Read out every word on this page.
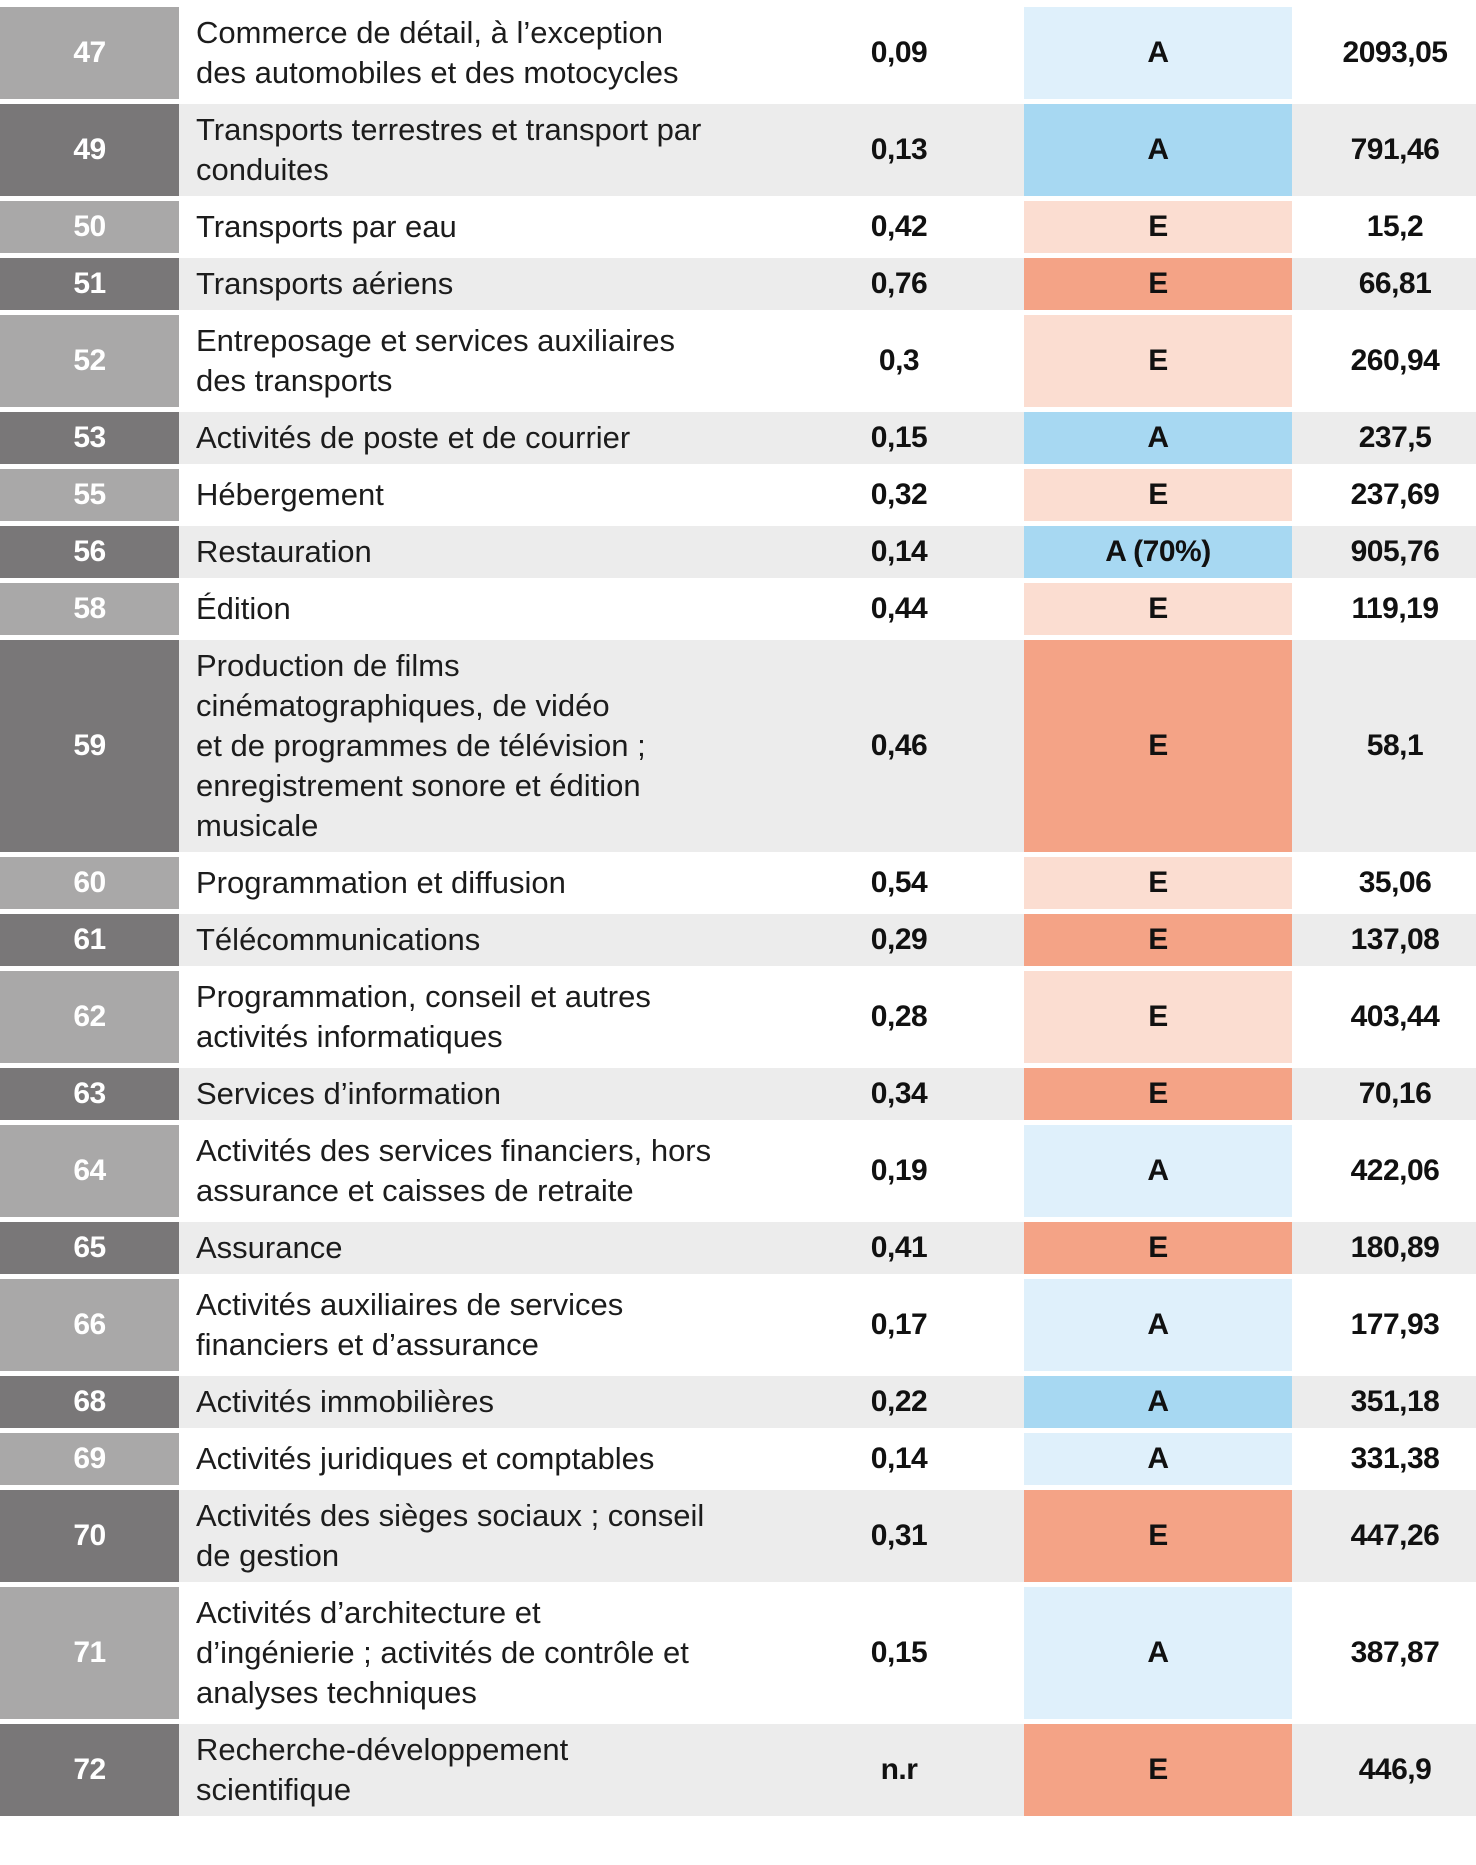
47	Commerce de détail, à l’exception
des automobiles et des motocycles	0,09		A		2093,05
49	Transports terrestres et transport par
conduites	0,13		A		791,46
50	Transports par eau	0,42		E		15,2
51	Transports aériens	0,76		E		66,81
52	Entreposage et services auxiliaires
des transports	0,3		E		260,94
53	Activités de poste et de courrier	0,15		A		237,5
55	Hébergement	0,32		E		237,69
56	Restauration	0,14		A (70%)		905,76
58	Édition	0,44		E		119,19
59	Production de films
cinématographiques, de vidéo
et de programmes de télévision ;
enregistrement sonore et édition
musicale	0,46		E		58,1
60	Programmation et diffusion	0,54		E		35,06
61	Télécommunications	0,29		E		137,08
62	Programmation, conseil et autres
activités informatiques	0,28		E		403,44
63	Services d’information	0,34		E		70,16
64	Activités des services financiers, hors
assurance et caisses de retraite	0,19		A		422,06
65	Assurance	0,41		E		180,89
66	Activités auxiliaires de services
financiers et d’assurance	0,17		A		177,93
68	Activités immobilières	0,22		A		351,18
69	Activités juridiques et comptables	0,14		A		331,38
70	Activités des sièges sociaux ; conseil
de gestion	0,31		E		447,26
71	Activités d’architecture et
d’ingénierie ; activités de contrôle et
analyses techniques	0,15		A		387,87
72	Recherche-développement
scientifique	n.r		E		446,9
